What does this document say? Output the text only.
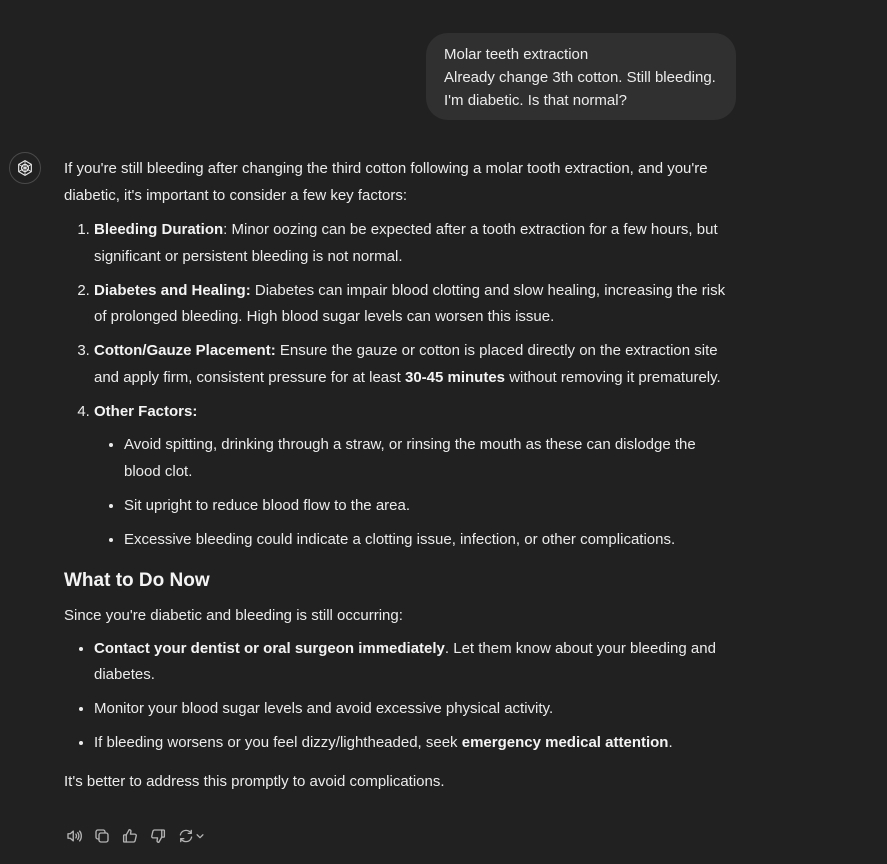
Molar teeth extraction
Already change 3th cotton. Still bleeding.
I'm diabetic. Is that normal?

If you're still bleeding after changing the third cotton following a molar tooth extraction, and you're diabetic, it's important to consider a few key factors:

1. Bleeding Duration: Minor oozing can be expected after a tooth extraction for a few hours, but significant or persistent bleeding is not normal.
2. Diabetes and Healing: Diabetes can impair blood clotting and slow healing, increasing the risk of prolonged bleeding. High blood sugar levels can worsen this issue.
3. Cotton/Gauze Placement: Ensure the gauze or cotton is placed directly on the extraction site and apply firm, consistent pressure for at least 30-45 minutes without removing it prematurely.
4. Other Factors:
• Avoid spitting, drinking through a straw, or rinsing the mouth as these can dislodge the blood clot.
• Sit upright to reduce blood flow to the area.
• Excessive bleeding could indicate a clotting issue, infection, or other complications.
What to Do Now

Since you're diabetic and bleeding is still occurring:

• Contact your dentist or oral surgeon immediately. Let them know about your bleeding and diabetes.
• Monitor your blood sugar levels and avoid excessive physical activity.
• If bleeding worsens or you feel dizzy/lightheaded, seek emergency medical attention.

It's better to address this promptly to avoid complications.
